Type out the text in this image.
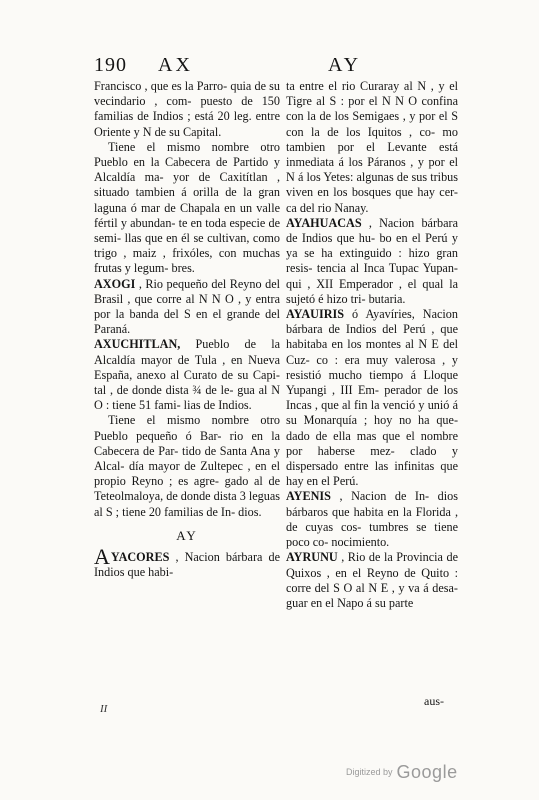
190 AX	AY

Francisco , que es la Parro- quia de su vecindario , com- puesto de 150 familias de Indios ; está 20 leg. entre Oriente y N de su Capital.

Tiene el mismo nombre otro Pueblo en la Cabecera de Partido y Alcaldía ma- yor de Caxitítlan , situado tambien á orilla de la gran laguna ó mar de Chapala en un valle fértil y abundan- te en toda especie de semi- llas que en él se cultivan, como trigo , maiz , frixóles, con muchas frutas y legum- bres.

AXOGI , Rio pequeño del Reyno del Brasil , que corre al N N O , y entra por la banda del S en el grande del Paraná.

AXUCHITLAN, Pueblo de la Alcaldía mayor de Tula , en Nueva España, anexo al Curato de su Capi- tal , de donde dista ¾ de le- gua al N O : tiene 51 fami- lias de Indios.

Tiene el mismo nombre otro Pueblo pequeño ó Bar- rio en la Cabecera de Par- tido de Santa Ana y Alcal- día mayor de Zultepec , en el propio Reyno ; es agre- gado al de Teteolmaloya, de donde dista 3 leguas al S ; tiene 20 familias de In- dios.

AY

AYACORES , Nacion bárbara de Indios que habi-

ta entre el rio Curaray al N , y el Tigre al S : por el N N O confina con la de los Semigaes , y por el S con la de los Iquitos , co- mo tambien por el Levante está inmediata á los Páranos , y por el N á los Yetes: algunas de sus tribus viven en los bosques que hay cer- ca del rio Nanay.

AYAHUACAS , Nacion bárbara de Indios que hu- bo en el Perú y ya se ha extinguido : hizo gran resis- tencia al Inca Tupac Yupan- qui , XII Emperador , el qual la sujetó é hizo tri- butaria.

AYAUIRIS ó Ayavíries, Nacion bárbara de Indios del Perú , que habitaba en los montes al N E del Cuz- co : era muy valerosa , y resistió mucho tiempo á Lloque Yupangi , III Em- perador de los Incas , que al fin la venció y unió á su Monarquía ; hoy no ha que- dado de ella mas que el nombre por haberse mez- clado y dispersado entre las infinitas que hay en el Perú.

AYENIS , Nacion de In- dios bárbaros que habita en la Florida , de cuyas cos- tumbres se tiene poco co- nocimiento.

AYRUNU , Rio de la Provincia de Quixos , en el Reyno de Quito : corre del S O al N E , y va á desa- guar en el Napo á su parte

aus-
II
Digitized by Google
